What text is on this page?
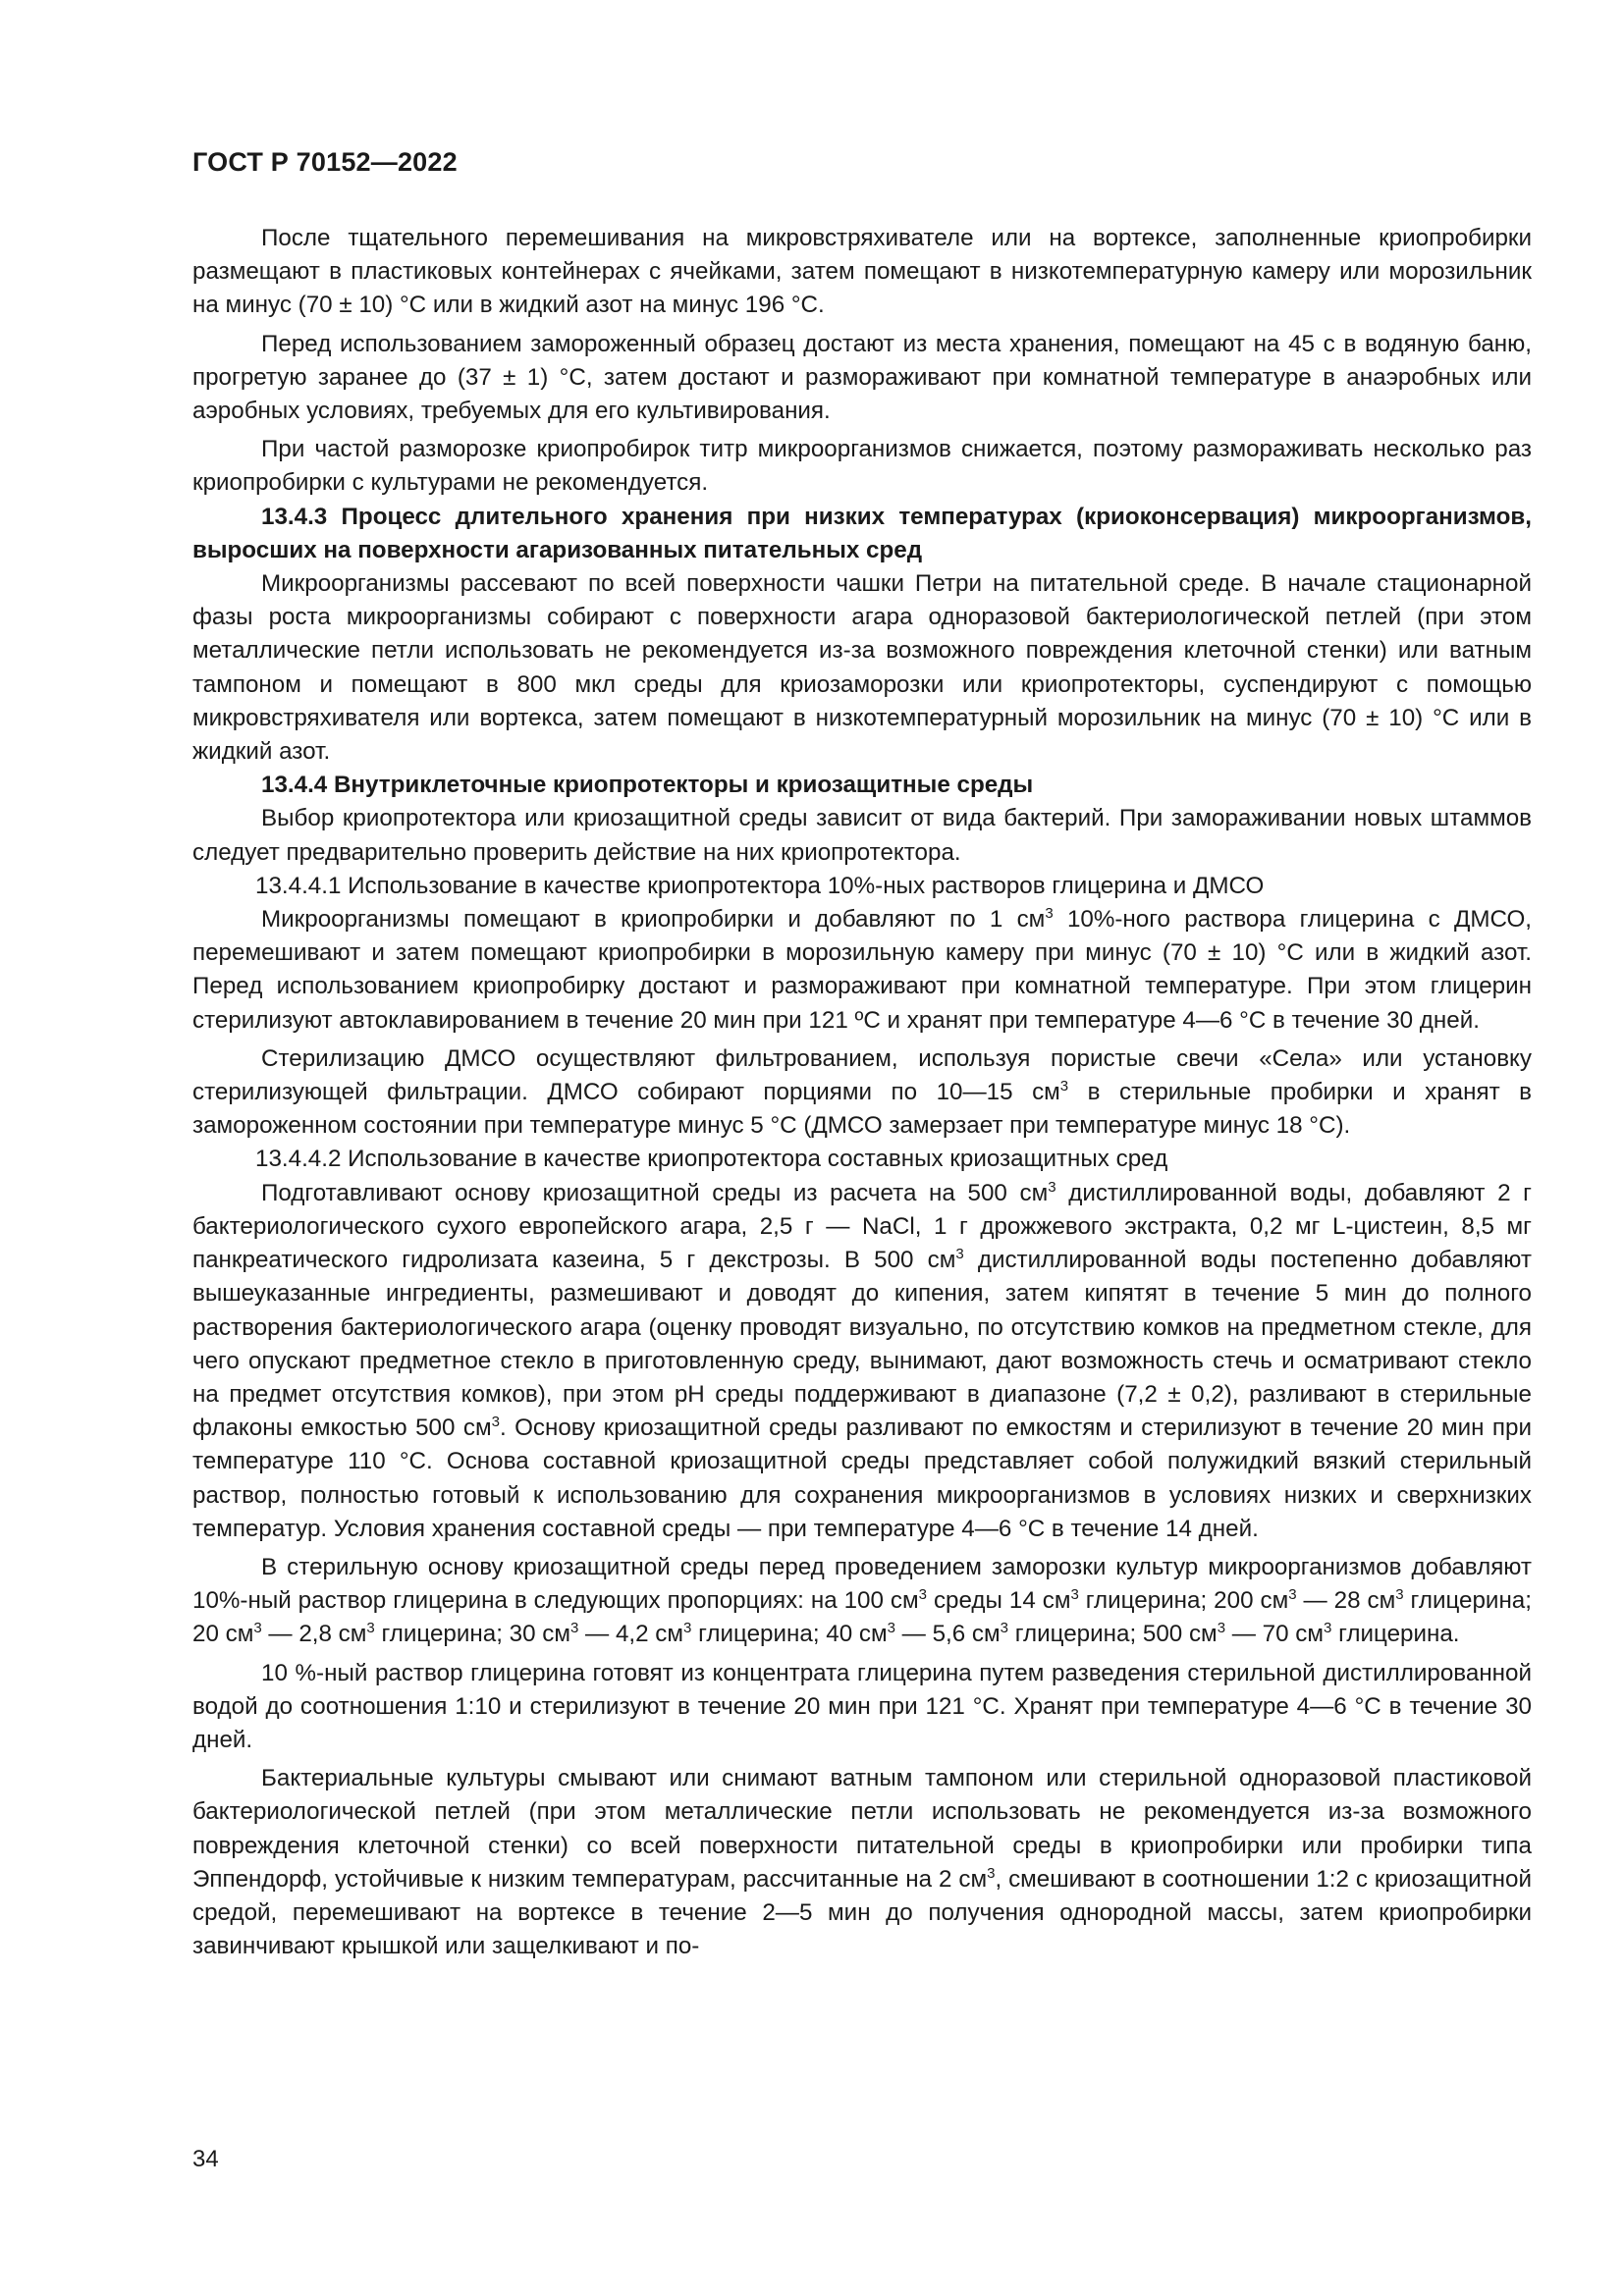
ГОСТ Р 70152—2022

После тщательного перемешивания на микровстряхивателе или на вортексе, заполненные криопробирки размещают в пластиковых контейнерах с ячейками, затем помещают в низкотемпературную камеру или морозильник на минус (70 ± 10) °C или в жидкий азот на минус 196 °C.

Перед использованием замороженный образец достают из места хранения, помещают на 45 с в водяную баню, прогретую заранее до (37 ± 1) °C, затем достают и размораживают при комнатной температуре в анаэробных или аэробных условиях, требуемых для его культивирования.

При частой разморозке криопробирок титр микроорганизмов снижается, поэтому размораживать несколько раз криопробирки с культурами не рекомендуется.

13.4.3 Процесс длительного хранения при низких температурах (криоконсервация) микроорганизмов, выросших на поверхности агаризованных питательных сред

Микроорганизмы рассевают по всей поверхности чашки Петри на питательной среде. В начале стационарной фазы роста микроорганизмы собирают с поверхности агара одноразовой бактериологической петлей (при этом металлические петли использовать не рекомендуется из-за возможного повреждения клеточной стенки) или ватным тампоном и помещают в 800 мкл среды для криозаморозки или криопротекторы, суспендируют с помощью микровстряхивателя или вортекса, затем помещают в низкотемпературный морозильник на минус (70 ± 10) °C или в жидкий азот.

13.4.4 Внутриклеточные криопротекторы и криозащитные среды

Выбор криопротектора или криозащитной среды зависит от вида бактерий. При замораживании новых штаммов следует предварительно проверить действие на них криопротектора.

13.4.4.1 Использование в качестве криопротектора 10%-ных растворов глицерина и ДМСО

Микроорганизмы помещают в криопробирки и добавляют по 1 $см^3$ 10%-ного раствора глицерина с ДМСО, перемешивают и затем помещают криопробирки в морозильную камеру при минус (70 ± 10) °C или в жидкий азот. Перед использованием криопробирку достают и размораживают при комнатной температуре. При этом глицерин стерилизуют автоклавированием в течение 20 мин при 121 ºC и хранят при температуре 4—6 °C в течение 30 дней.

Стерилизацию ДМСО осуществляют фильтрованием, используя пористые свечи «Села» или установку стерилизующей фильтрации. ДМСО собирают порциями по 10—15 $см^3$ в стерильные пробирки и хранят в замороженном состоянии при температуре минус 5 °C (ДМСО замерзает при температуре минус 18 °C).

13.4.4.2 Использование в качестве криопротектора составных криозащитных сред

Подготавливают основу криозащитной среды из расчета на 500 $см^3$ дистиллированной воды, добавляют 2 г бактериологического сухого европейского агара, 2,5 г — NaCl, 1 г дрожжевого экстракта, 0,2 мг L-цистеин, 8,5 мг панкреатического гидролизата казеина, 5 г декстрозы. В 500 $см^3$ дистиллированной воды постепенно добавляют вышеуказанные ингредиенты, размешивают и доводят до кипения, затем кипятят в течение 5 мин до полного растворения бактериологического агара (оценку проводят визуально, по отсутствию комков на предметном стекле, для чего опускают предметное стекло в приготовленную среду, вынимают, дают возможность стечь и осматривают стекло на предмет отсутствия комков), при этом pH среды поддерживают в диапазоне (7,2 ± 0,2), разливают в стерильные флаконы емкостью 500 $см^3$. Основу криозащитной среды разливают по емкостям и стерилизуют в течение 20 мин при температуре 110 °C. Основа составной криозащитной среды представляет собой полужидкий вязкий стерильный раствор, полностью готовый к использованию для сохранения микроорганизмов в условиях низких и сверхнизких температур. Условия хранения составной среды — при температуре 4—6 °C в течение 14 дней.

В стерильную основу криозащитной среды перед проведением заморозки культур микроорганизмов добавляют 10%-ный раствор глицерина в следующих пропорциях: на 100 $см^3$ среды 14 $см^3$ глицерина; 200 $см^3$ — 28 $см^3$ глицерина; 20 $см^3$ — 2,8 $см^3$ глицерина; 30 $см^3$ — 4,2 $см^3$ глицерина; 40 $см^3$ — 5,6 $см^3$ глицерина; 500 $см^3$ — 70 $см^3$ глицерина.

10 %-ный раствор глицерина готовят из концентрата глицерина путем разведения стерильной дистиллированной водой до соотношения 1:10 и стерилизуют в течение 20 мин при 121 °C. Хранят при температуре 4—6 °C в течение 30 дней.

Бактериальные культуры смывают или снимают ватным тампоном или стерильной одноразовой пластиковой бактериологической петлей (при этом металлические петли использовать не рекомендуется из-за возможного повреждения клеточной стенки) со всей поверхности питательной среды в криопробирки или пробирки типа Эппендорф, устойчивые к низким температурам, рассчитанные на 2 $см^3$, смешивают в соотношении 1:2 с криозащитной средой, перемешивают на вортексе в течение 2—5 мин до получения однородной массы, затем криопробирки завинчивают крышкой или защелкивают и по-

34
